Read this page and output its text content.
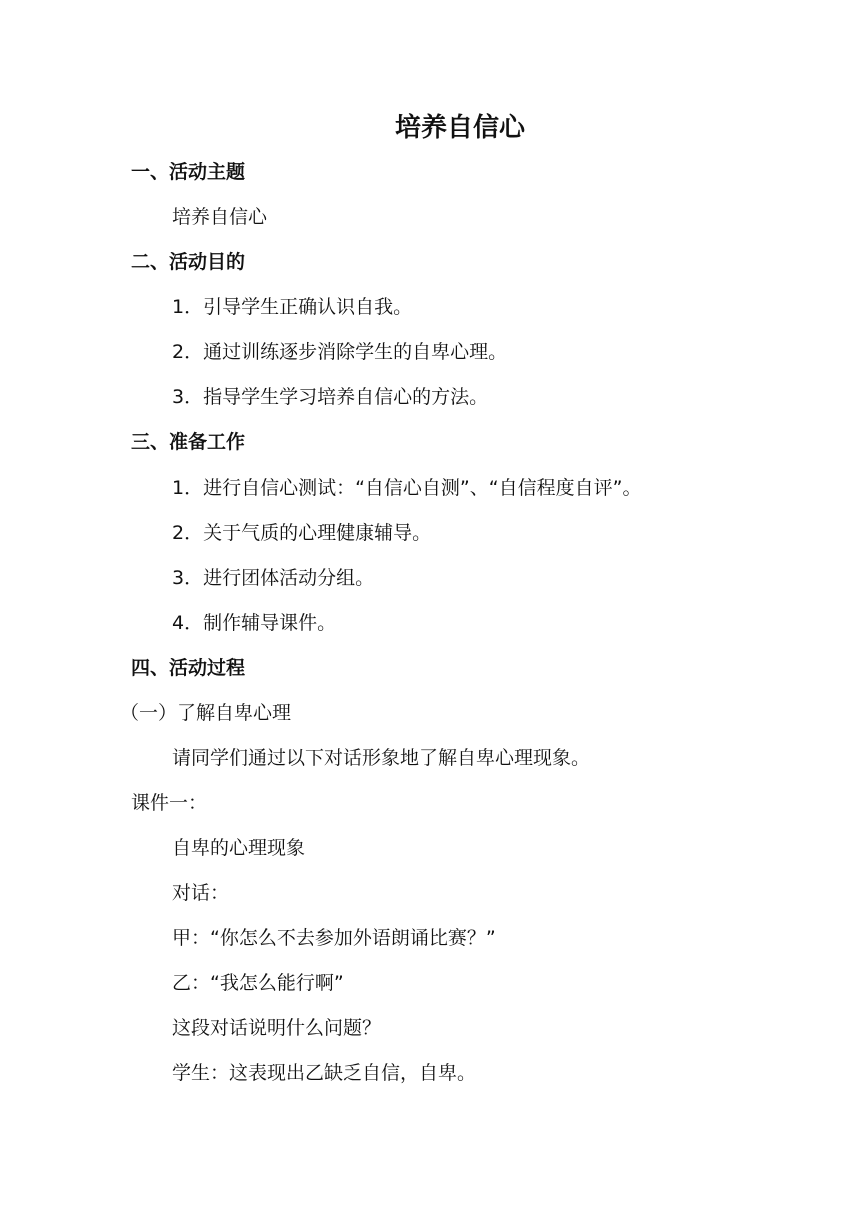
培养自信心
一、活动主题
培养自信心
二、活动目的
1．引导学生正确认识自我。
2．通过训练逐步消除学生的自卑心理。
3．指导学生学习培养自信心的方法。
三、准备工作
1．进行自信心测试：“自信心自测”、“自信程度自评”。
2．关于气质的心理健康辅导。
3．进行团体活动分组。
4．制作辅导课件。
四、活动过程
（一）了解自卑心理
请同学们通过以下对话形象地了解自卑心理现象。
课件一：
自卑的心理现象
对话：
甲：“你怎么不去参加外语朗诵比赛？”
乙：“我怎么能行啊”
这段对话说明什么问题？
学生：这表现出乙缺乏自信，自卑。
